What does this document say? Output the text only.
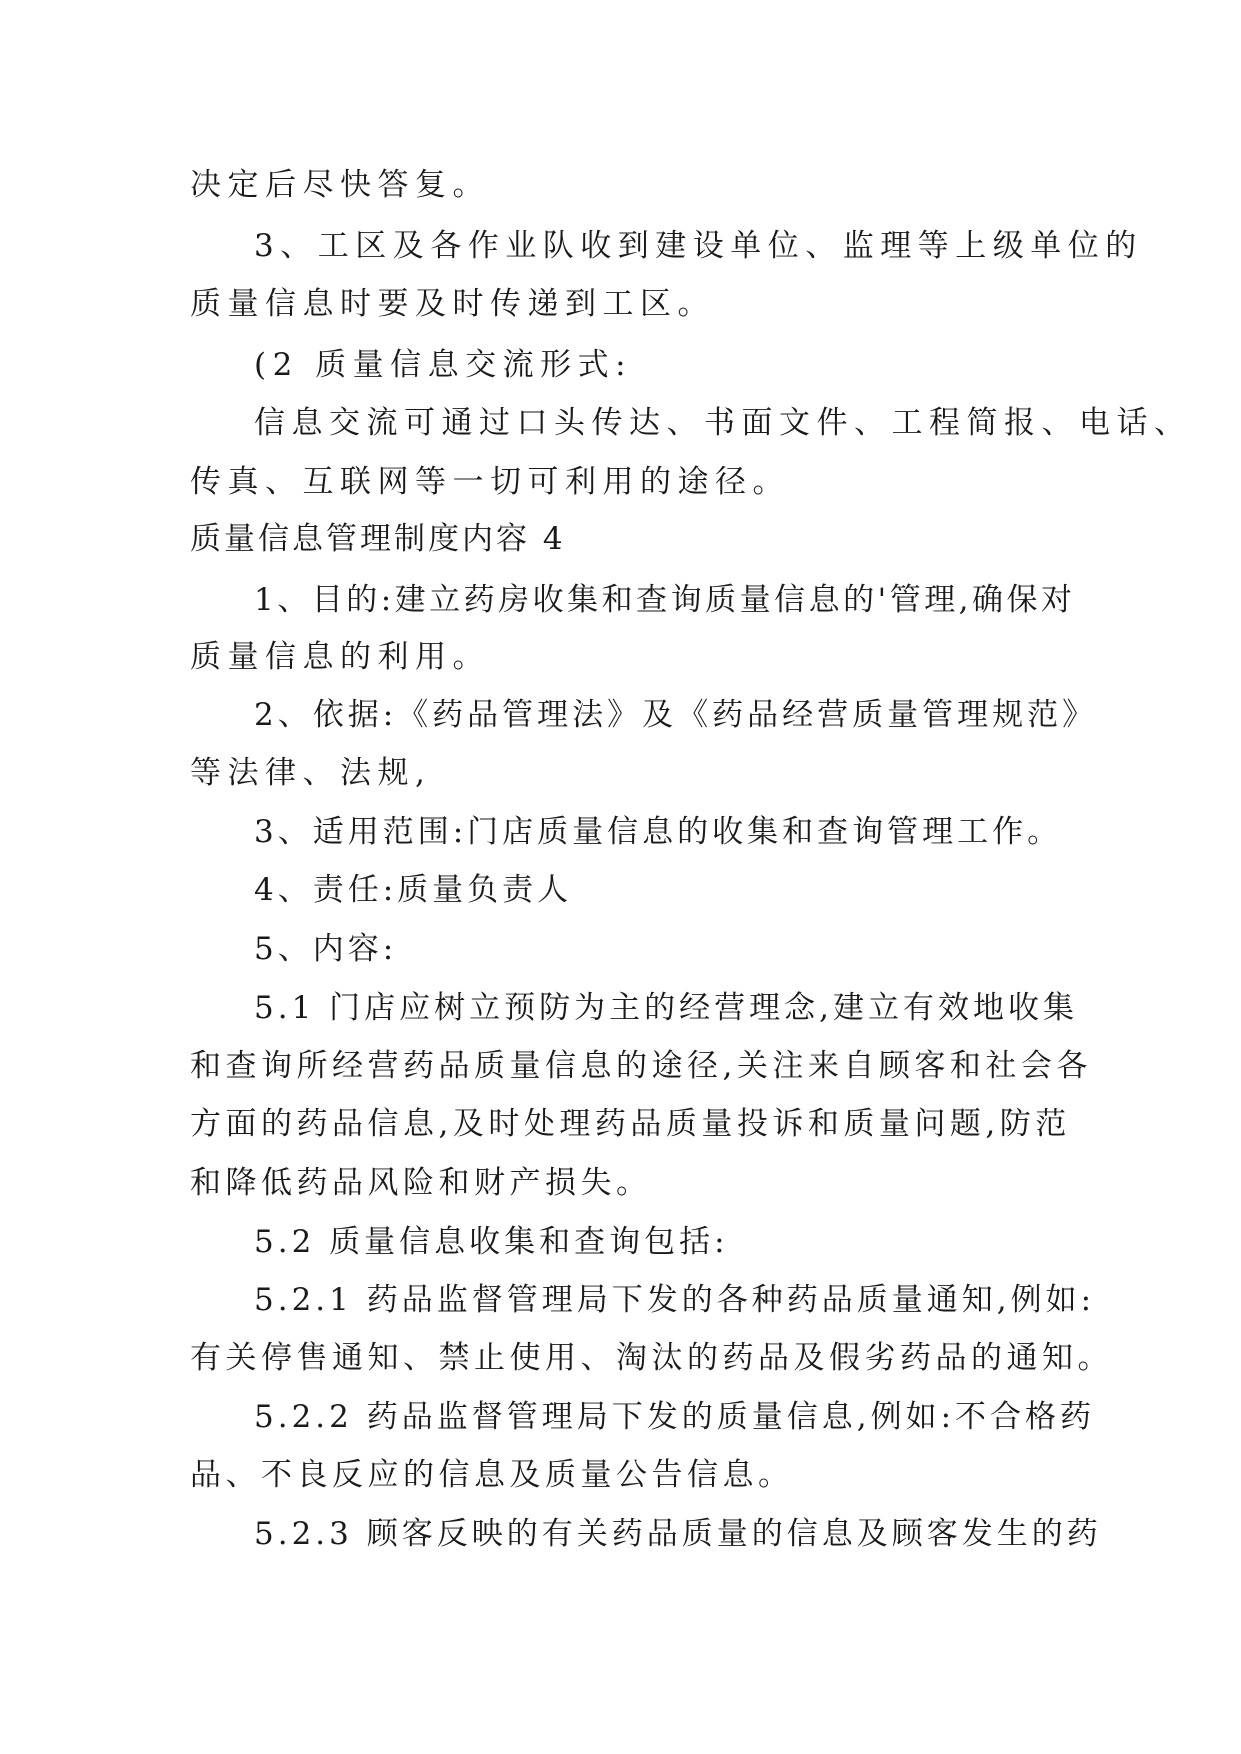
决定后尽快答复。
3、工区及各作业队收到建设单位、监理等上级单位的
质量信息时要及时传递到工区。
(2 质量信息交流形式:
信息交流可通过口头传达、书面文件、工程简报、电话、
传真、互联网等一切可利用的途径。
质量信息管理制度内容 4
1、目的:建立药房收集和查询质量信息的'管理,确保对
质量信息的利用。
2、依据:《药品管理法》及《药品经营质量管理规范》
等法律、法规,
3、适用范围:门店质量信息的收集和查询管理工作。
4、责任:质量负责人
5、内容:
5.1 门店应树立预防为主的经营理念,建立有效地收集
和查询所经营药品质量信息的途径,关注来自顾客和社会各
方面的药品信息,及时处理药品质量投诉和质量问题,防范
和降低药品风险和财产损失。
5.2 质量信息收集和查询包括:
5.2.1 药品监督管理局下发的各种药品质量通知,例如:
有关停售通知、禁止使用、淘汰的药品及假劣药品的通知。
5.2.2 药品监督管理局下发的质量信息,例如:不合格药
品、不良反应的信息及质量公告信息。
5.2.3 顾客反映的有关药品质量的信息及顾客发生的药
